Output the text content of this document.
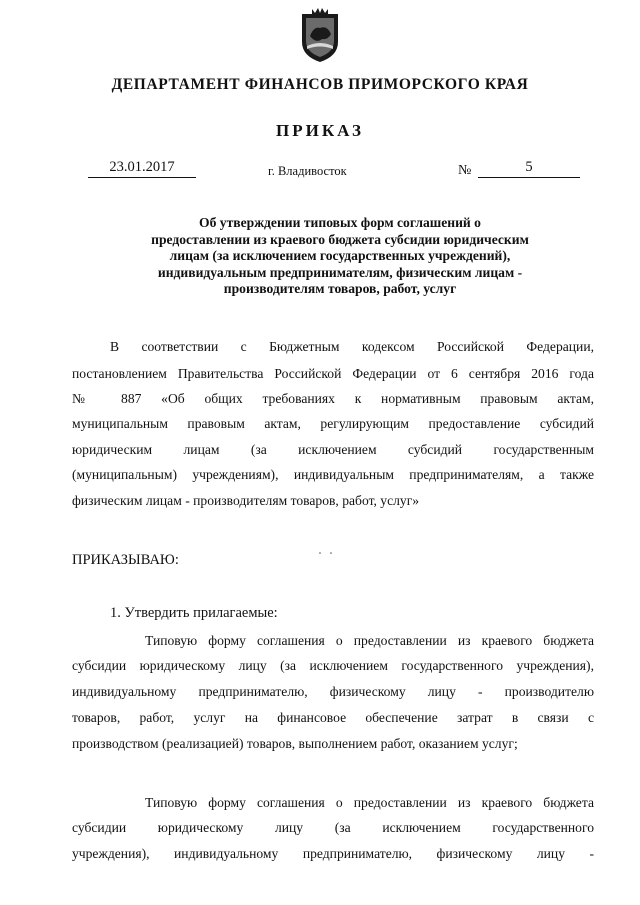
ДЕПАРТАМЕНТ ФИНАНСОВ ПРИМОРСКОГО КРАЯ
ПРИКАЗ
23.01.2017	г. Владивосток	№	5
Об утверждении типовых форм соглашений о
предоставлении из краевого бюджета субсидии юридическим
лицам (за исключением государственных учреждений),
индивидуальным предпринимателям, физическим лицам -
производителям товаров, работ, услуг
В соответствии с Бюджетным кодексом Российской Федерации,
постановлением Правительства Российской Федерации от 6 сентября 2016 года
№ 887 «Об общих требованиях к нормативным правовым актам,
муниципальным правовым актам, регулирующим предоставление субсидий
юридическим лицам (за исключением субсидий государственным
(муниципальным) учреждениям), индивидуальным предпринимателям, а также
физическим лицам - производителям товаров, работ, услуг»
ПРИКАЗЫВАЮ:
1. Утвердить прилагаемые:
Типовую форму соглашения о предоставлении из краевого бюджета
субсидии юридическому лицу (за исключением государственного учреждения),
индивидуальному предпринимателю, физическому лицу - производителю
товаров, работ, услуг на финансовое обеспечение затрат в связи с
производством (реализацией) товаров, выполнением работ, оказанием услуг;
Типовую форму соглашения о предоставлении из краевого бюджета
субсидии юридическому лицу (за исключением государственного
учреждения), индивидуальному предпринимателю, физическому лицу -
